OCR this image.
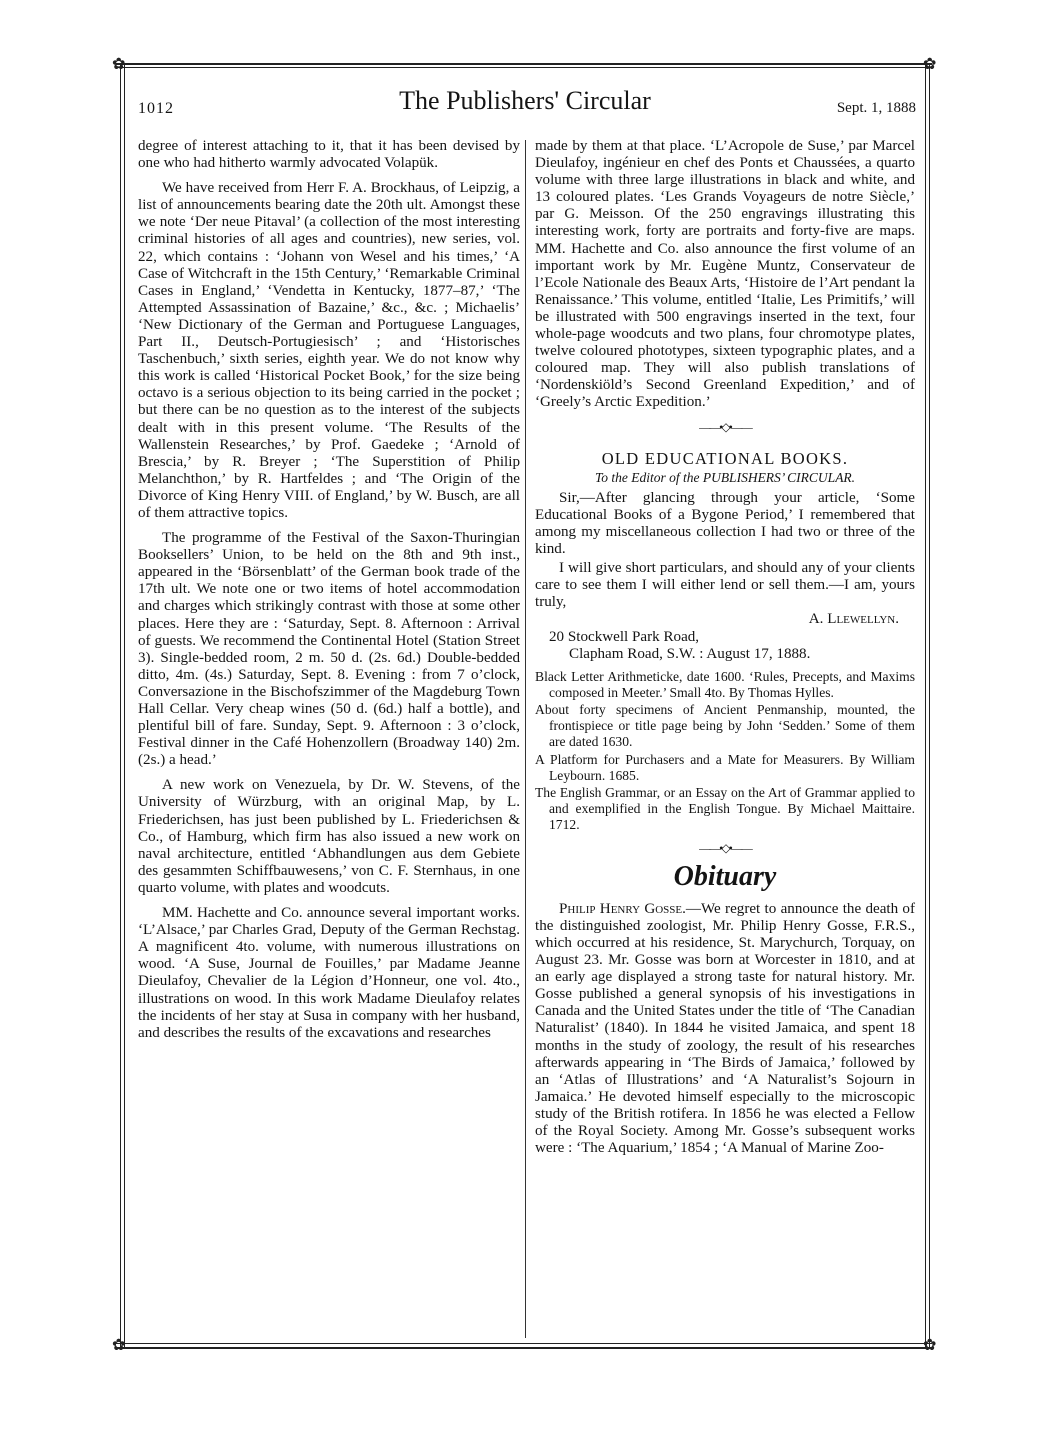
✿	✿
✿	✿
1012	The Publishers' Circular	Sept. 1, 1888

degree of interest attaching to it, that it has been devised by one who had hitherto warmly advocated Volapük.

We have received from Herr F. A. Brockhaus, of Leipzig, a list of announcements bearing date the 20th ult. Amongst these we note ‘Der neue Pitaval’ (a collection of the most interesting criminal histories of all ages and countries), new series, vol. 22, which contains : ‘Johann von Wesel and his times,’ ‘A Case of Witchcraft in the 15th Century,’ ‘Remarkable Criminal Cases in England,’ ‘Vendetta in Kentucky, 1877–87,’ ‘The Attempted Assassination of Bazaine,’ &c., &c. ; Michaelis’ ‘New Dictionary of the German and Portuguese Languages, Part II., Deutsch-Portugiesisch’ ; and ‘Historisches Taschenbuch,’ sixth series, eighth year. We do not know why this work is called ‘Historical Pocket Book,’ for the size being octavo is a serious objection to its being carried in the pocket ; but there can be no question as to the interest of the subjects dealt with in this present volume. ‘The Results of the Wallenstein Researches,’ by Prof. Gaedeke ; ‘Arnold of Brescia,’ by R. Breyer ; ‘The Superstition of Philip Melanchthon,’ by R. Hartfeldes ; and ‘The Origin of the Divorce of King Henry VIII. of England,’ by W. Busch, are all of them attractive topics.

The programme of the Festival of the Saxon-Thuringian Booksellers’ Union, to be held on the 8th and 9th inst., appeared in the ‘Börsenblatt’ of the German book trade of the 17th ult. We note one or two items of hotel accommodation and charges which strikingly contrast with those at some other places. Here they are : ‘Saturday, Sept. 8. Afternoon : Arrival of guests. We recommend the Continental Hotel (Station Street 3). Single-bedded room, 2 m. 50 d. (2s. 6d.) Double-bedded ditto, 4m. (4s.) Saturday, Sept. 8. Evening : from 7 o’clock, Conversazione in the Bischofszimmer of the Magdeburg Town Hall Cellar. Very cheap wines (50 d. (6d.) half a bottle), and plentiful bill of fare. Sunday, Sept. 9. Afternoon : 3 o’clock, Festival dinner in the Café Hohenzollern (Broadway 140) 2m. (2s.) a head.’

A new work on Venezuela, by Dr. W. Stevens, of the University of Würzburg, with an original Map, by L. Friederichsen, has just been published by L. Friederichsen & Co., of Hamburg, which firm has also issued a new work on naval architecture, entitled ‘Abhandlungen aus dem Gebiete des gesammten Schiffbauwesens,’ von C. F. Sternhaus, in one quarto volume, with plates and woodcuts.

MM. Hachette and Co. announce several important works. ‘L’Alsace,’ par Charles Grad, Deputy of the German Rechstag. A magnificent 4to. volume, with numerous illustrations on wood. ‘A Suse, Journal de Fouilles,’ par Madame Jeanne Dieulafoy, Chevalier de la Légion d’Honneur, one vol. 4to., illustrations on wood. In this work Madame Dieulafoy relates the incidents of her stay at Susa in company with her husband, and describes the results of the excavations and researches

made by them at that place. ‘L’Acropole de Suse,’ par Marcel Dieulafoy, ingénieur en chef des Ponts et Chaussées, a quarto volume with three large illustrations in black and white, and 13 coloured plates. ‘Les Grands Voyageurs de notre Siècle,’ par G. Meisson. Of the 250 engravings illustrating this interesting work, forty are portraits and forty-five are maps. MM. Hachette and Co. also announce the first volume of an important work by Mr. Eugène Muntz, Conservateur de l’Ecole Nationale des Beaux Arts, ‘Histoire de l’Art pendant la Renaissance.’ This volume, entitled ‘Italie, Les Primitifs,’ will be illustrated with 500 engravings inserted in the text, four whole-page woodcuts and two plans, four chromotype plates, twelve coloured phototypes, sixteen typographic plates, and a coloured map. They will also publish translations of ‘Nordenskiöld’s Second Greenland Expedition,’ and of ‘Greely’s Arctic Expedition.’

——•◇•——
OLD EDUCATIONAL BOOKS.
To the Editor of the PUBLISHERS’ CIRCULAR.

Sir,—After glancing through your article, ‘Some Educational Books of a Bygone Period,’ I remembered that among my miscellaneous collection I had two or three of the kind.

I will give short particulars, and should any of your clients care to see them I will either lend or sell them.—I am, yours truly,

A. Llewellyn.
20 Stockwell Park Road,
Clapham Road, S.W. : August 17, 1888.
Black Letter Arithmeticke, date 1600. ‘Rules, Precepts, and Maxims composed in Meeter.’ Small 4to. By Thomas Hylles.
About forty specimens of Ancient Penmanship, mounted, the frontispiece or title page being by John ‘Sedden.’ Some of them are dated 1630.
A Platform for Purchasers and a Mate for Measurers. By William Leybourn. 1685.
The English Grammar, or an Essay on the Art of Grammar applied to and exemplified in the English Tongue. By Michael Maittaire. 1712.
——•◇•——
Obituary

Philip Henry Gosse.—We regret to announce the death of the distinguished zoologist, Mr. Philip Henry Gosse, F.R.S., which occurred at his residence, St. Marychurch, Torquay, on August 23. Mr. Gosse was born at Worcester in 1810, and at an early age displayed a strong taste for natural history. Mr. Gosse published a general synopsis of his investigations in Canada and the United States under the title of ‘The Canadian Naturalist’ (1840). In 1844 he visited Jamaica, and spent 18 months in the study of zoology, the result of his researches afterwards appearing in ‘The Birds of Jamaica,’ followed by an ‘Atlas of Illustrations’ and ‘A Naturalist’s Sojourn in Jamaica.’ He devoted himself especially to the microscopic study of the British rotifera. In 1856 he was elected a Fellow of the Royal Society. Among Mr. Gosse’s subsequent works were : ‘The Aquarium,’ 1854 ; ‘A Manual of Marine Zoo-
